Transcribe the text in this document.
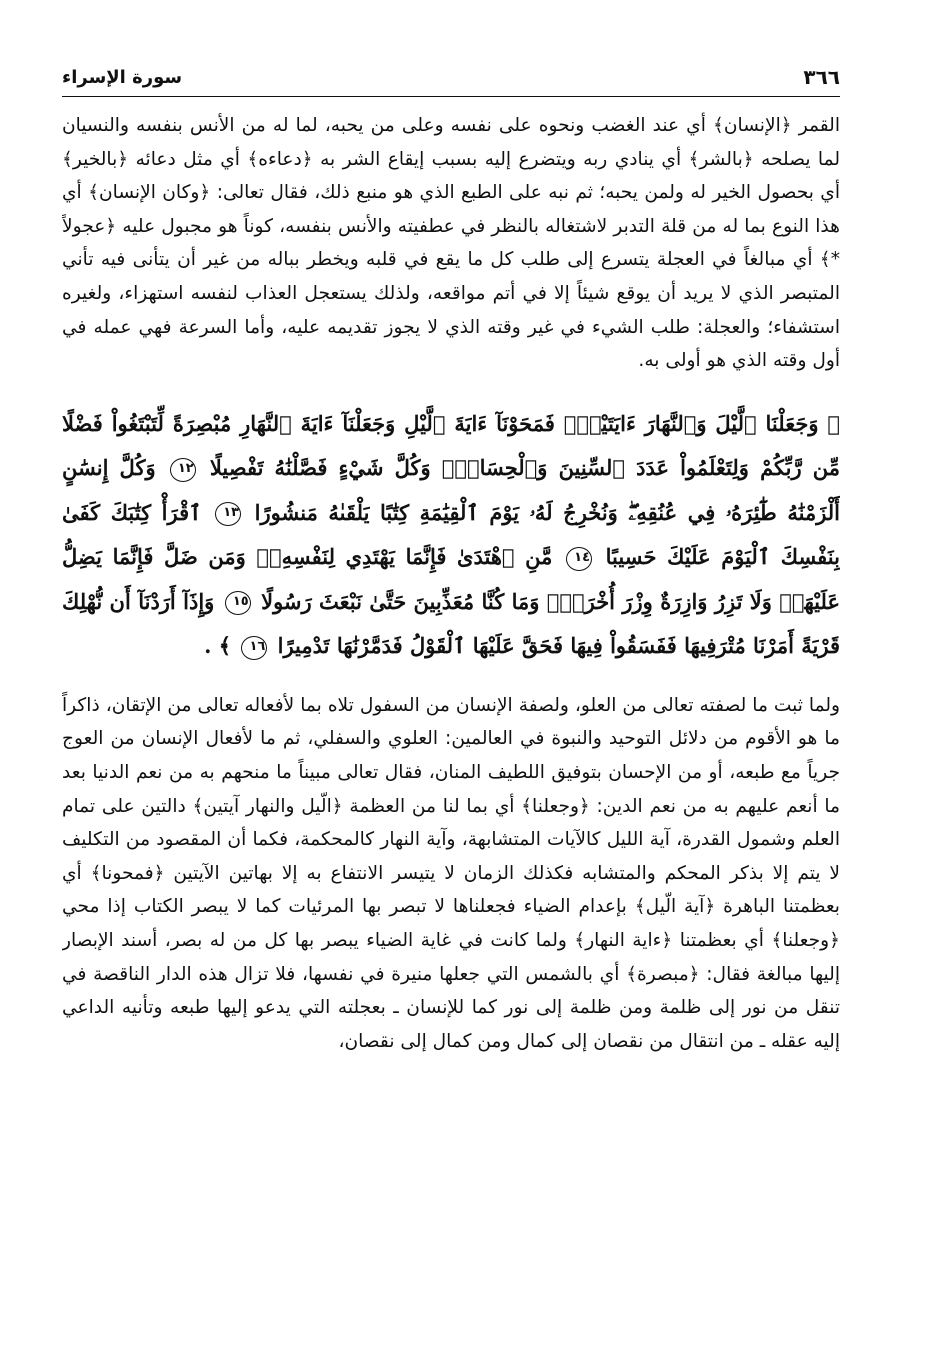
٣٦٦
سورة الإسراء

القمر ﴿الإنسان﴾ أي عند الغضب ونحوه على نفسه وعلى من يحبه، لما له من الأنس بنفسه والنسيان لما يصلحه ﴿بالشر﴾ أي ينادي ربه ويتضرع إليه بسبب إيقاع الشر به ﴿دعاءه﴾ أي مثل دعائه ﴿بالخير﴾ أي بحصول الخير له ولمن يحبه؛ ثم نبه على الطبع الذي هو منبع ذلك، فقال تعالى: ﴿وكان الإنسان﴾ أي هذا النوع بما له من قلة التدبر لاشتغاله بالنظر في عطفيته والأنس بنفسه، كوناً هو مجبول عليه ﴿عجولاً *﴾ أي مبالغاً في العجلة يتسرع إلى طلب كل ما يقع في قلبه ويخطر بباله من غير أن يتأنى فيه تأني المتبصر الذي لا يريد أن يوقع شيئاً إلا في أتم مواقعه، ولذلك يستعجل العذاب لنفسه استهزاء، ولغيره استشفاء؛ والعجلة: طلب الشيء في غير وقته الذي لا يجوز تقديمه عليه، وأما السرعة فهي عمله في أول وقته الذي هو أولى به.

﴿ وَجَعَلْنَا ٱلَّيْلَ وَٱلنَّهَارَ ءَايَتَيْنِۖ فَمَحَوْنَآ ءَايَةَ ٱلَّيْلِ وَجَعَلْنَآ ءَايَةَ ٱلنَّهَارِ مُبْصِرَةً لِّتَبْتَغُواْ فَضْلًا مِّن رَّبِّكُمْ وَلِتَعْلَمُواْ عَدَدَ ٱلسِّنِينَ وَٱلْحِسَابَۚ وَكُلَّ شَيْءٍ فَصَّلْنَٰهُ تَفْصِيلًا ١٢ وَكُلَّ إِنسَٰنٍ أَلْزَمْنَٰهُ طَٰٓئِرَهُۥ فِي عُنُقِهِۦۖ وَنُخْرِجُ لَهُۥ يَوْمَ ٱلْقِيَٰمَةِ كِتَٰبًا يَلْقَىٰهُ مَنشُورًا ١٣ ٱقْرَأْ كِتَٰبَكَ كَفَىٰ بِنَفْسِكَ ٱلْيَوْمَ عَلَيْكَ حَسِيبًا ١٤ مَّنِ ٱهْتَدَىٰ فَإِنَّمَا يَهْتَدِي لِنَفْسِهِۦۖ وَمَن ضَلَّ فَإِنَّمَا يَضِلُّ عَلَيْهَاۚ وَلَا تَزِرُ وَازِرَةٌ وِزْرَ أُخْرَىٰۗ وَمَا كُنَّا مُعَذِّبِينَ حَتَّىٰ نَبْعَثَ رَسُولًا ١٥ وَإِذَآ أَرَدْنَآ أَن نُّهْلِكَ قَرْيَةً أَمَرْنَا مُتْرَفِيهَا فَفَسَقُواْ فِيهَا فَحَقَّ عَلَيْهَا ٱلْقَوْلُ فَدَمَّرْنَٰهَا تَدْمِيرًا ١٦ ﴾ .

ولما ثبت ما لصفته تعالى من العلو، ولصفة الإنسان من السفول تلاه بما لأفعاله تعالى من الإتقان، ذاكراً ما هو الأقوم من دلائل التوحيد والنبوة في العالمين: العلوي والسفلي، ثم ما لأفعال الإنسان من العوج جرياً مع طبعه، أو من الإحسان بتوفيق اللطيف المنان، فقال تعالى مبيناً ما منحهم به من نعم الدنيا بعد ما أنعم عليهم به من نعم الدين: ﴿وجعلنا﴾ أي بما لنا من العظمة ﴿الّيل والنهار آيتين﴾ دالتين على تمام العلم وشمول القدرة، آية الليل كالآيات المتشابهة، وآية النهار كالمحكمة، فكما أن المقصود من التكليف لا يتم إلا بذكر المحكم والمتشابه فكذلك الزمان لا يتيسر الانتفاع به إلا بهاتين الآيتين ﴿فمحونا﴾ أي بعظمتنا الباهرة ﴿آية الّيل﴾ بإعدام الضياء فجعلناها لا تبصر بها المرئيات كما لا يبصر الكتاب إذا محي ﴿وجعلنا﴾ أي بعظمتنا ﴿ءاية النهار﴾ ولما كانت في غاية الضياء يبصر بها كل من له بصر، أسند الإبصار إليها مبالغة فقال: ﴿مبصرة﴾ أي بالشمس التي جعلها منيرة في نفسها، فلا تزال هذه الدار الناقصة في تنقل من نور إلى ظلمة ومن ظلمة إلى نور كما للإنسان ـ بعجلته التي يدعو إليها طبعه وتأنيه الداعي إليه عقله ـ من انتقال من نقصان إلى كمال ومن كمال إلى نقصان،
